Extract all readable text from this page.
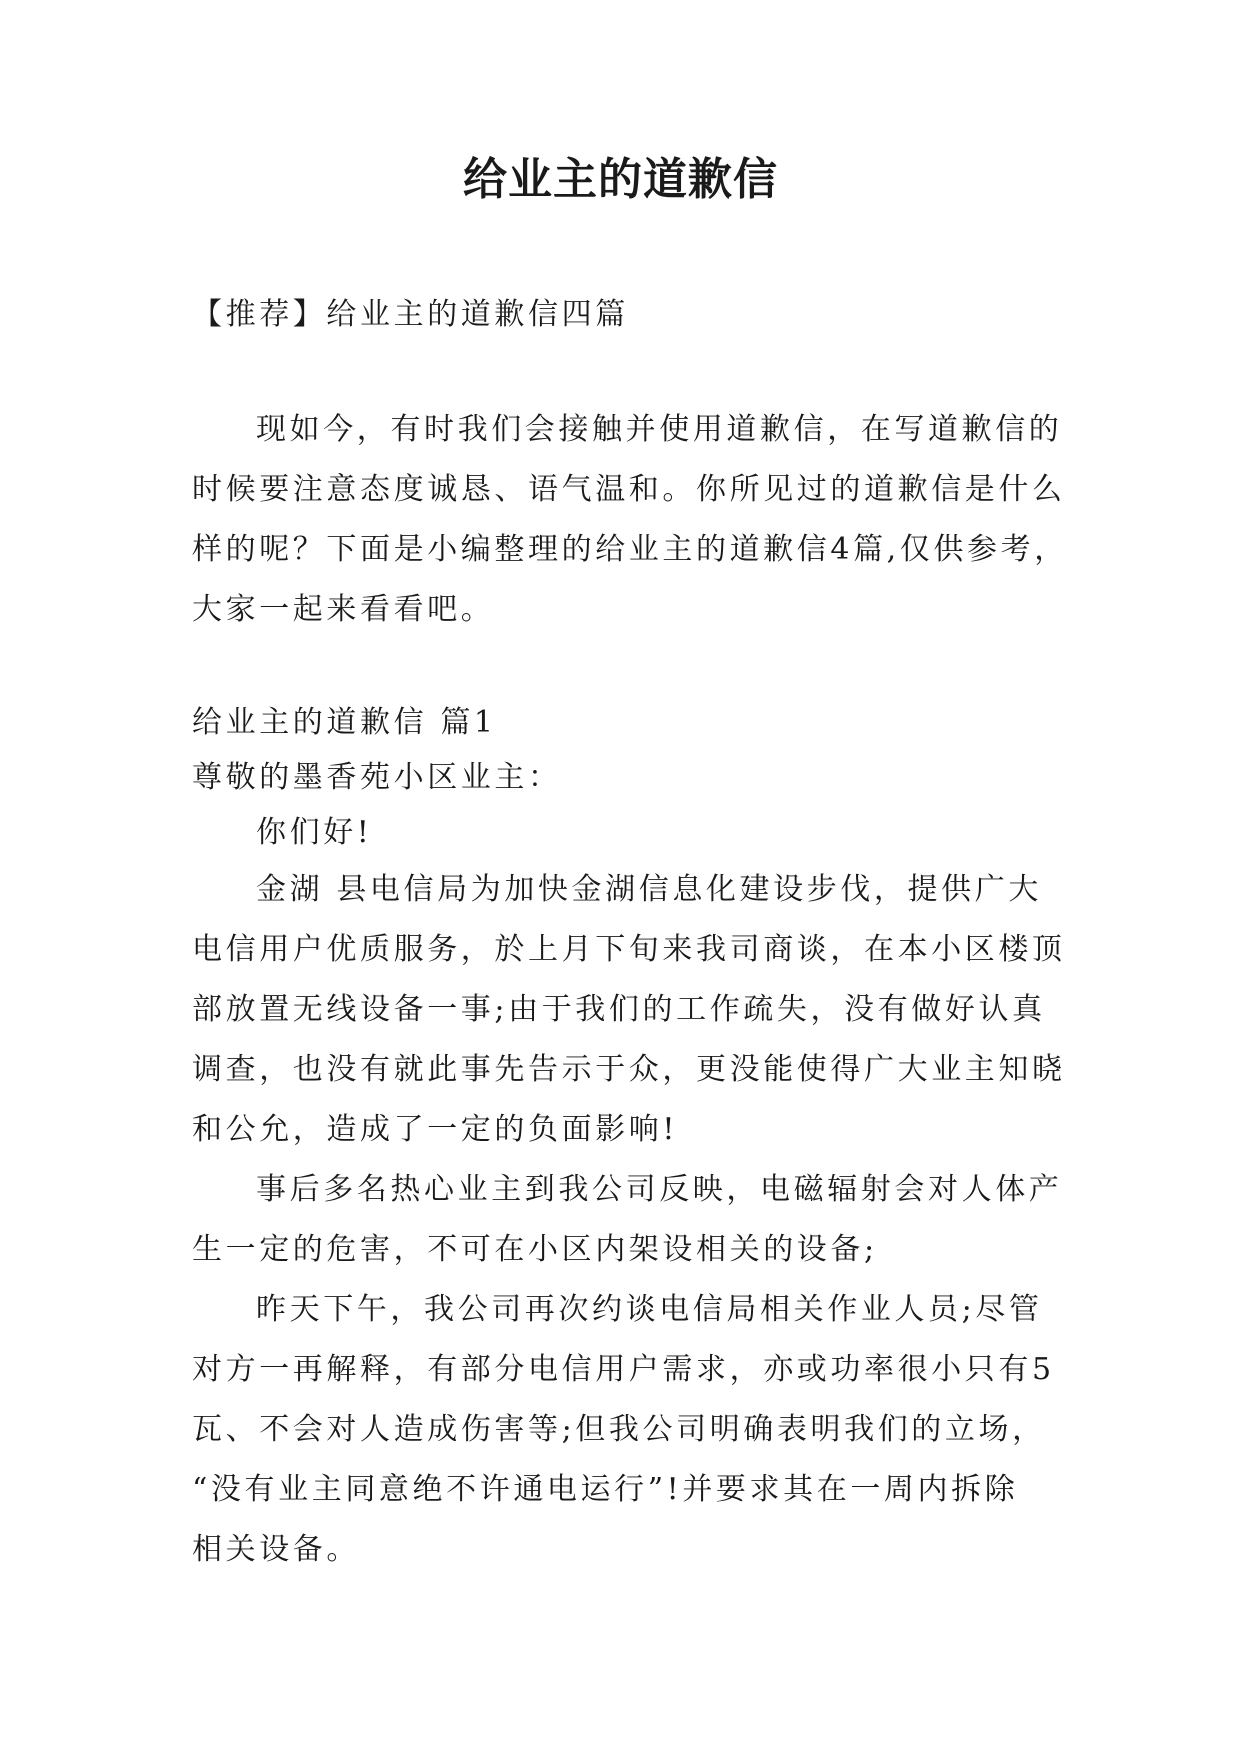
给业主的道歉信

【推荐】给业主的道歉信四篇

现如今，有时我们会接触并使用道歉信，在写道歉信的
时候要注意态度诚恳、语气温和。你所见过的道歉信是什么
样的呢？下面是小编整理的给业主的道歉信4篇,仅供参考，
大家一起来看看吧。
给业主的道歉信 篇1
尊敬的墨香苑小区业主：
你们好!
金湖 县电信局为加快金湖信息化建设步伐，提供广大
电信用户优质服务，於上月下旬来我司商谈，在本小区楼顶
部放置无线设备一事;由于我们的工作疏失，没有做好认真
调查，也没有就此事先告示于众，更没能使得广大业主知晓
和公允，造成了一定的负面影响!
事后多名热心业主到我公司反映，电磁辐射会对人体产
生一定的危害，不可在小区内架设相关的设备;
昨天下午，我公司再次约谈电信局相关作业人员;尽管
对方一再解释，有部分电信用户需求，亦或功率很小只有5
瓦、不会对人造成伤害等;但我公司明确表明我们的立场，
“没有业主同意绝不许通电运行”!并要求其在一周内拆除
相关设备。
